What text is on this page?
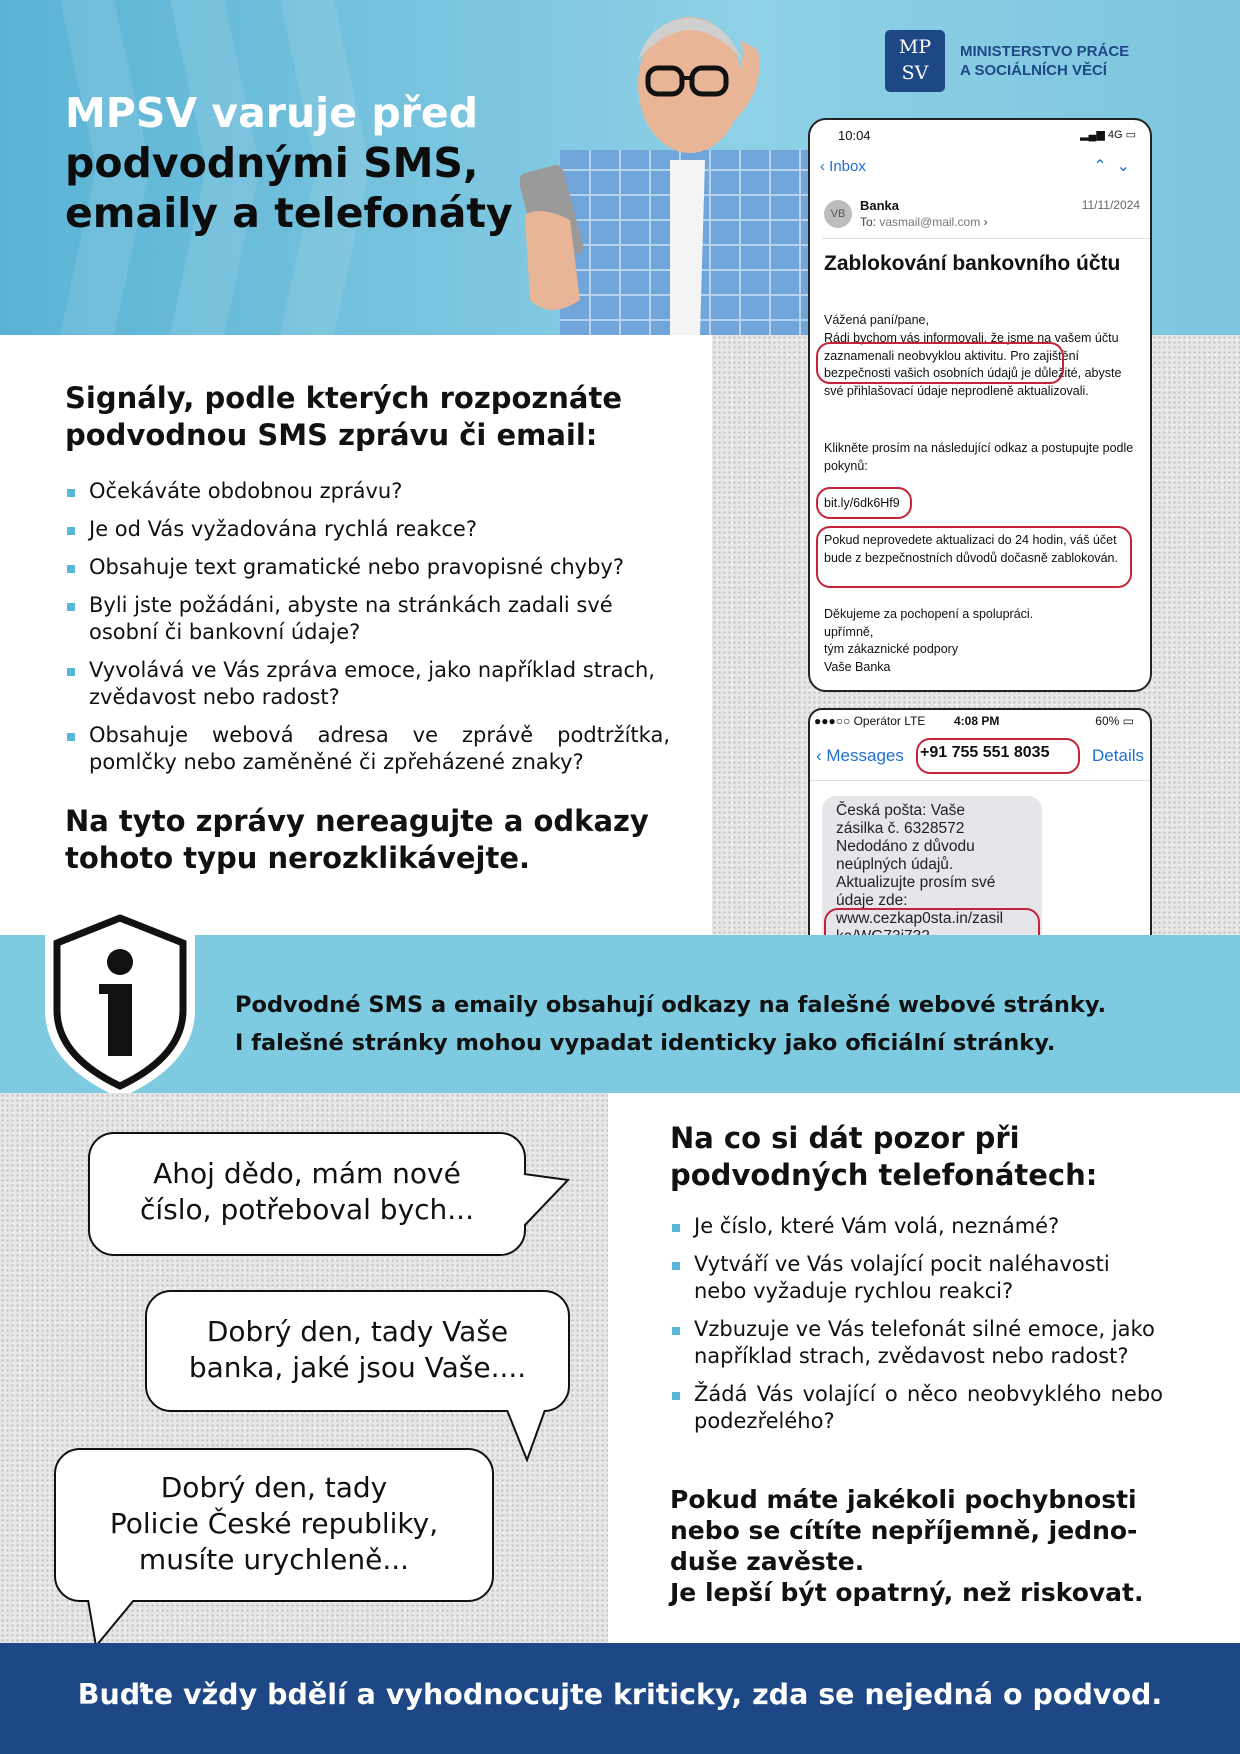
MPSV varuje před
podvodnými SMS,
emaily a telefonáty
MP
SV
MINISTERSTVO PRÁCE
A SOCIÁLNÍCH VĚCÍ
10:04	▂▄▆ 4G ▭
‹ Inbox	⌃⌄
VB
Banka
To: vasmail@mail.com ›
11/11/2024
Zablokování bankovního účtu
Vážená paní/pane,
Rádi bychom vás informovali, že jsme na vašem účtu zaznamenali neobvyklou aktivitu. Pro zajištění bezpečnosti vašich osobních údajů je důležité, abyste své přihlašovací údaje neprodleně aktualizovali.
Klikněte prosím na následující odkaz a postupujte podle pokynů:
bit.ly/6dk6Hf9
Pokud neprovedete aktualizaci do 24 hodin, váš účet bude z bezpečnostních důvodů dočasně zablokován.
Děkujeme za pochopení a spolupráci.
upřímně,
tým zákaznické podpory
Vaše Banka
●●●○○ Operátor LTE 4:08 PM	60% ▭
‹ Messages +91 755 551 8035	Details
Česká pošta: Vaše
zásilka č. 6328572
Nedodáno z důvodu
neúplných údajů.
Aktualizujte prosím své
údaje zde:
www.cezkap0sta.in/zasil
Signály, podle kterých rozpoznáte
podvodnou SMS zprávu či email:
Očekáváte obdobnou zprávu?
Je od Vás vyžadována rychlá reakce?
Obsahuje text gramatické nebo pravopisné chyby?
Byli jste požádáni, abyste na stránkách zadali své osobní či bankovní údaje?
Vyvolává ve Vás zpráva emoce, jako například strach, zvědavost nebo radost?
Obsahuje webová adresa ve zprávě podtržítka, pomlčky nebo zaměněné či zpřeházené znaky?
Na tyto zprávy nereagujte a odkazy
tohoto typu nerozklikávejte.
Podvodné SMS a emaily obsahují odkazy na falešné webové stránky.
I falešné stránky mohou vypadat identicky jako oficiální stránky.
Ahoj dědo, mám nové
číslo, potřeboval bych...
Dobrý den, tady Vaše
banka, jaké jsou Vaše....
Dobrý den, tady
Policie České republiky,
musíte urychleně...
Na co si dát pozor při
podvodných telefonátech:
Je číslo, které Vám volá, neznámé?
Vytváří ve Vás volající pocit naléhavosti nebo vyžaduje rychlou reakci?
Vzbuzuje ve Vás telefonát silné emoce, jako například strach, zvědavost nebo radost?
Žádá Vás volající o něco neobvyklého nebo podezřelého?
Pokud máte jakékoli pochybnosti
nebo se cítíte nepříjemně, jedno-
duše zavěste.
Je lepší být opatrný, než riskovat.
Buďte vždy bdělí a vyhodnocujte kriticky, zda se nejedná o podvod.
